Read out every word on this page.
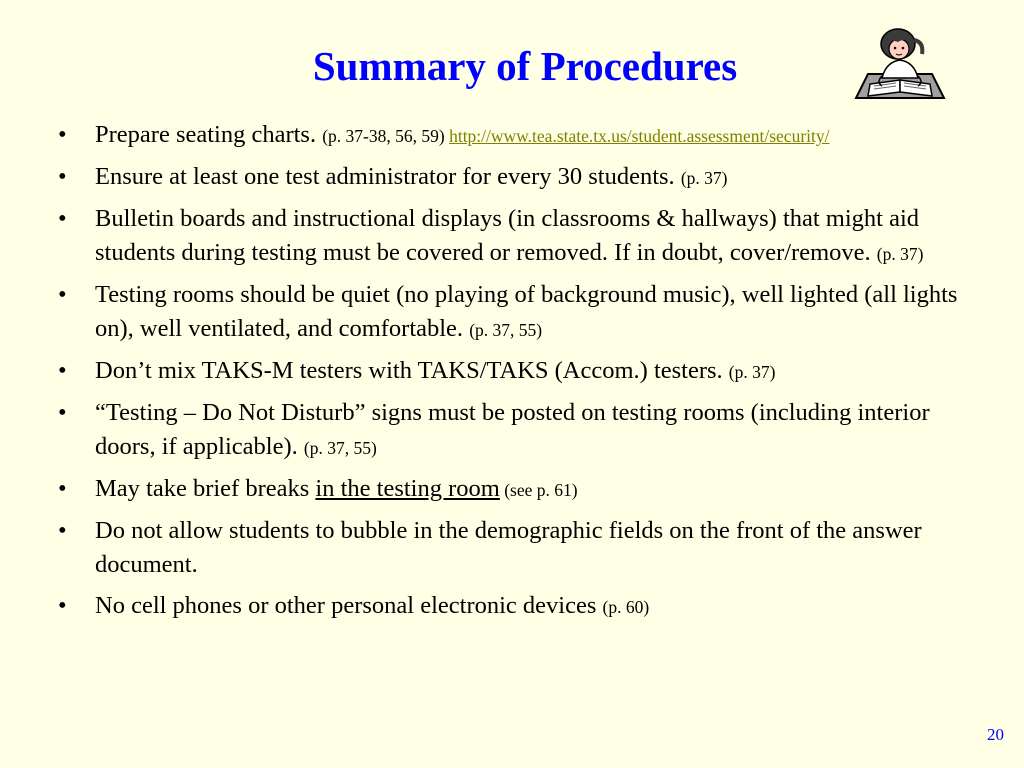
Summary of Procedures
•	Prepare seating charts. (p. 37-38, 56, 59) http://www.tea.state.tx.us/student.assessment/security/
•	Ensure at least one test administrator for every 30 students. (p. 37)
•	Bulletin boards and instructional displays (in classrooms & hallways) that might aid students during testing must be covered or removed. If in doubt, cover/remove. (p. 37)
•	Testing rooms should be quiet (no playing of background music), well lighted (all lights on), well ventilated, and comfortable. (p. 37, 55)
•	Don’t mix TAKS-M testers with TAKS/TAKS (Accom.) testers. (p. 37)
•	“Testing – Do Not Disturb” signs must be posted on testing rooms (including interior doors, if applicable). (p. 37, 55)
•	May take brief breaks in the testing room (see p. 61)
•	Do not allow students to bubble in the demographic fields on the front of the answer document.
•	No cell phones or other personal electronic devices (p. 60)
20
